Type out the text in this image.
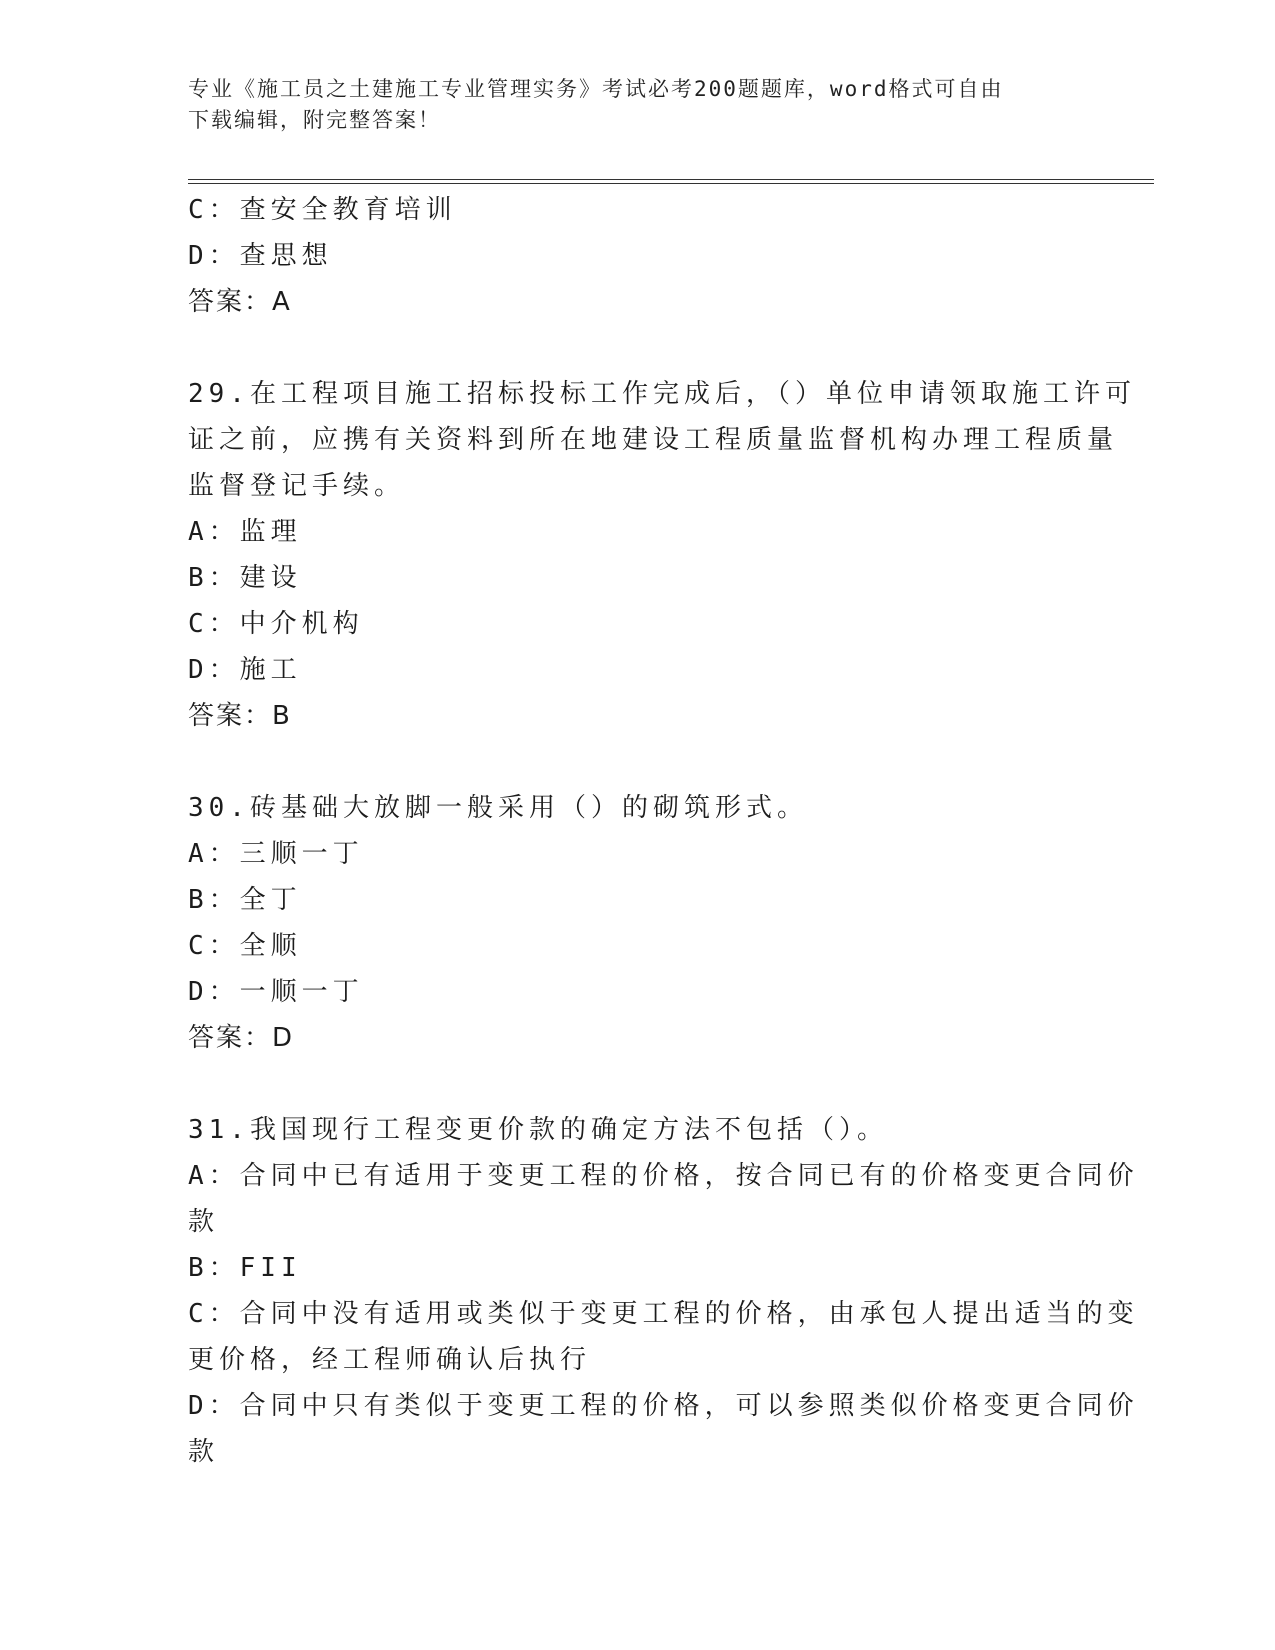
专业《施工员之土建施工专业管理实务》考试必考200题题库，word格式可自由
下载编辑，附完整答案！
C：查安全教育培训
D：查思想
答案：A
29.在工程项目施工招标投标工作完成后，（）单位申请领取施工许可
证之前，应携有关资料到所在地建设工程质量监督机构办理工程质量
监督登记手续。
A：监理
B：建设
C：中介机构
D：施工
答案：B
30.砖基础大放脚一般采用（）的砌筑形式。
A：三顺一丁
B：全丁
C：全顺
D：一顺一丁
答案：D
31.我国现行工程变更价款的确定方法不包括（）。
A：合同中已有适用于变更工程的价格，按合同已有的价格变更合同价
款
B：FII
C：合同中没有适用或类似于变更工程的价格，由承包人提出适当的变
更价格，经工程师确认后执行
D：合同中只有类似于变更工程的价格，可以参照类似价格变更合同价
款
